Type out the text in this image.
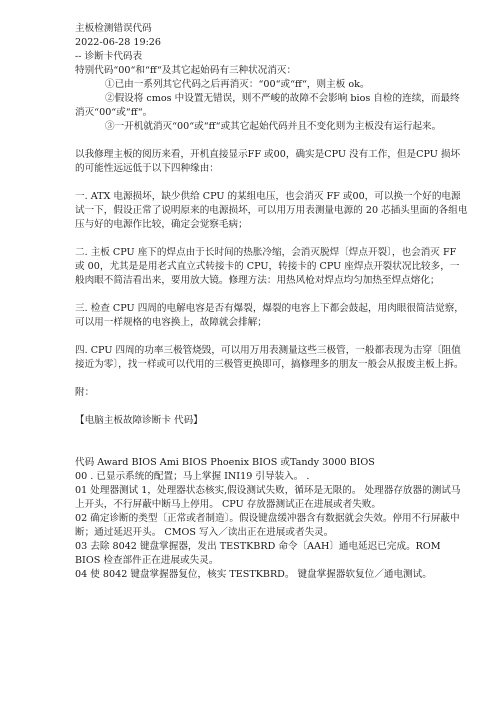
主板检测错误代码
2022-06-28 19:26
-- 诊断卡代码表
特别代码“00“和“ff“及其它起始码有三种状况消灭：
①已由一系列其它代码之后再消灭：“00“或“ff“，则主板 ok。
②假设将 cmos 中设置无错误，则不严峻的故障不会影响 bios 自检的连续，而最终消灭“00“或“ff“。
③一开机就消灭“00“或“ff“或其它起始代码并且不变化则为主板没有运行起来。
以我修理主板的阅历来看，开机直接显示FF 或00，确实是CPU 没有工作，但是CPU 损坏的可能性远远低于以下四种缘由：
一. ATX 电源损坏，缺少供给 CPU 的某组电压，也会消灭 FF 或00，可以换一个好的电源试一下，假设正常了说明原来的电源损坏，可以用万用表测量电源的 20 芯插头里面的各组电压与好的电源作比较，确定会觉察毛病；
二. 主板 CPU 座下的焊点由于长时间的热胀冷缩，会消灭脱焊〔焊点开裂〕，也会消灭 FF 或 00，尤其是是用老式直立式转接卡的 CPU，转接卡的 CPU 座焊点开裂状况比较多，一般肉眼不简洁看出来，要用放大镜。修理方法：用热风枪对焊点均匀加热至焊点熔化；
三. 检查 CPU 四周的电解电容是否有爆裂，爆裂的电容上下都会鼓起，用肉眼很简洁觉察，可以用一样规格的电容换上，故障就会排解；
四. CPU 四周的功率三极管烧毁，可以用万用表测量这些三极管，一般都表现为击穿〔阻值接近为零〕，找一样或可以代用的三极管更换即可，搞修理多的朋友一般会从报废主板上拆。
附：
【电脑主板故障诊断卡 代码】
代码 Award BIOS Ami BIOS Phoenix BIOS 或Tandy 3000 BIOS
00 . 已显示系统的配置；马上掌握 INI19 引导装入。 .
01 处理器测试 1，处理器状态核实,假设测试失败，循环是无限的。 处理器存放器的测试马上开头，不行屏蔽中断马上停用。 CPU 存放器测试正在进展或者失败。
02 确定诊断的类型〔正常或者制造〕。假设键盘缓冲器含有数据就会失效。停用不行屏蔽中断；通过延迟开头。 CMOS 写入／读出正在进展或者失灵。
03 去除 8042 键盘掌握器，发出 TESTKBRD 命令〔AAH〕通电延迟已完成。ROM BIOS 检查部件正在进展或失灵。
04 使 8042 键盘掌握器复位，核实 TESTKBRD。 键盘掌握器软复位／通电测试。
